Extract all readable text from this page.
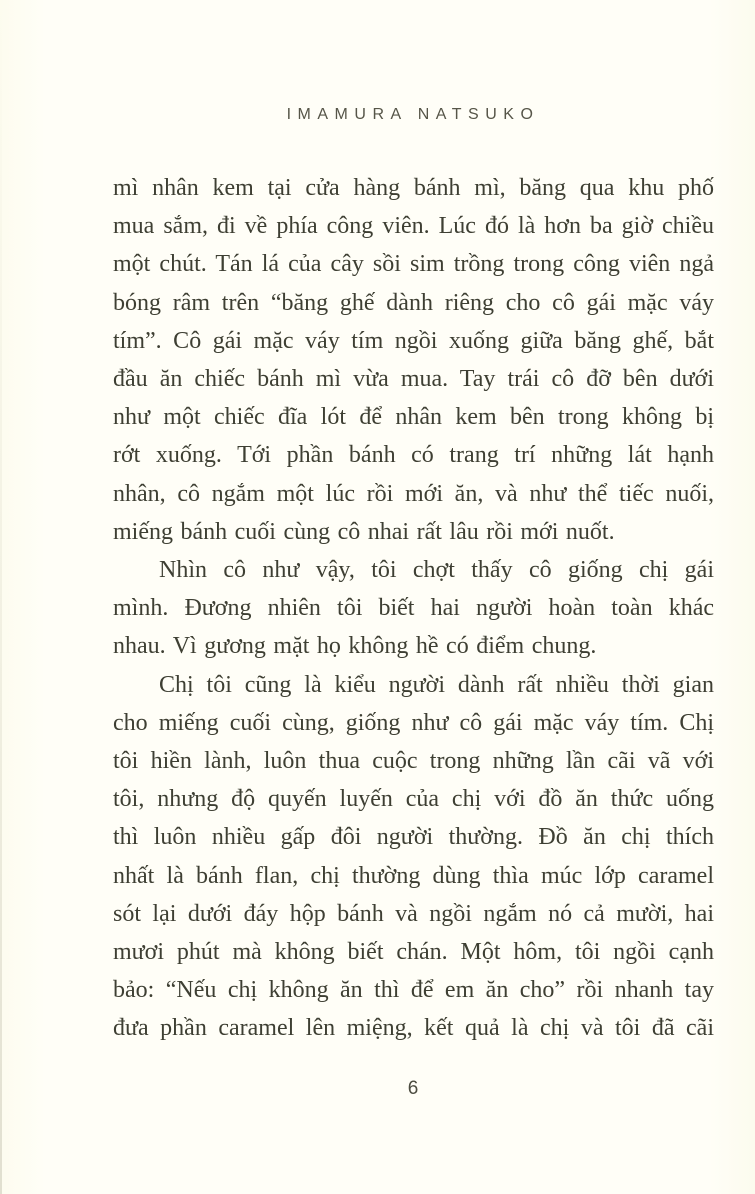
IMAMURA NATSUKO
mì nhân kem tại cửa hàng bánh mì, băng qua khu phố
mua sắm, đi về phía công viên. Lúc đó là hơn ba giờ chiều
một chút. Tán lá của cây sồi sim trồng trong công viên ngả
bóng râm trên “băng ghế dành riêng cho cô gái mặc váy
tím”. Cô gái mặc váy tím ngồi xuống giữa băng ghế, bắt
đầu ăn chiếc bánh mì vừa mua. Tay trái cô đỡ bên dưới
như một chiếc đĩa lót để nhân kem bên trong không bị
rớt xuống. Tới phần bánh có trang trí những lát hạnh
nhân, cô ngắm một lúc rồi mới ăn, và như thể tiếc nuối,
miếng bánh cuối cùng cô nhai rất lâu rồi mới nuốt.
Nhìn cô như vậy, tôi chợt thấy cô giống chị gái
mình. Đương nhiên tôi biết hai người hoàn toàn khác
nhau. Vì gương mặt họ không hề có điểm chung.
Chị tôi cũng là kiểu người dành rất nhiều thời gian
cho miếng cuối cùng, giống như cô gái mặc váy tím. Chị
tôi hiền lành, luôn thua cuộc trong những lần cãi vã với
tôi, nhưng độ quyến luyến của chị với đồ ăn thức uống
thì luôn nhiều gấp đôi người thường. Đồ ăn chị thích
nhất là bánh flan, chị thường dùng thìa múc lớp caramel
sót lại dưới đáy hộp bánh và ngồi ngắm nó cả mười, hai
mươi phút mà không biết chán. Một hôm, tôi ngồi cạnh
bảo: “Nếu chị không ăn thì để em ăn cho” rồi nhanh tay
đưa phần caramel lên miệng, kết quả là chị và tôi đã cãi
6
